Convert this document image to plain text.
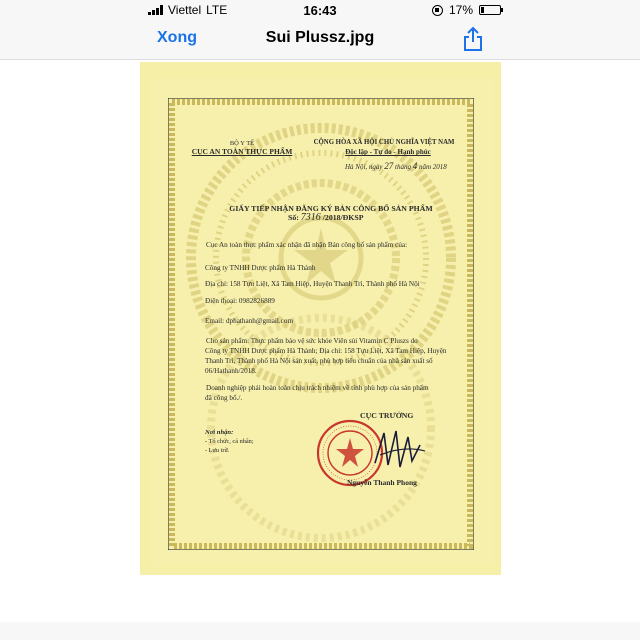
Viettel LTE	16:43	17%
Xong	Sui Plussz.jpg
BỘ Y TẾ
CỤC AN TOÀN THỰC PHẨM
CỘNG HÒA XÃ HỘI CHỦ NGHĨA VIỆT NAM
Độc lập - Tự do - Hạnh phúc
Hà Nội, ngày 27 tháng 4 năm 2018
GIẤY TIẾP NHẬN ĐĂNG KÝ BẢN CÔNG BỐ SẢN PHẨM
Số: 7316 /2018/ĐKSP
Cục An toàn thực phẩm xác nhận đã nhận Bản công bố sản phẩm của:
Công ty TNHH Dược phẩm Hà Thành
Địa chỉ: 158 Tựu Liệt, Xã Tam Hiệp, Huyện Thanh Trì, Thành phố Hà Nội
Điện thoại: 0982826889
Email: dphathanh@gmail.com
Cho sản phẩm: Thực phẩm bảo vệ sức khỏe Viên sủi Vitamin C Pluszs do
Công ty TNHH Dược phẩm Hà Thành; Địa chỉ: 158 Tựu Liệt, Xã Tam Hiệp, Huyện
Thanh Trì, Thành phố Hà Nội sản xuất, phù hợp tiêu chuẩn của nhà sản xuất số
06/Hathanh/2018.
Doanh nghiệp phải hoàn toàn chịu trách nhiệm về tính phù hợp của sản phẩm
đã công bố./.
CỤC TRƯỞNG
Nơi nhận:
- Tổ chức, cá nhân;
- Lưu trữ.
Nguyễn Thanh Phong
